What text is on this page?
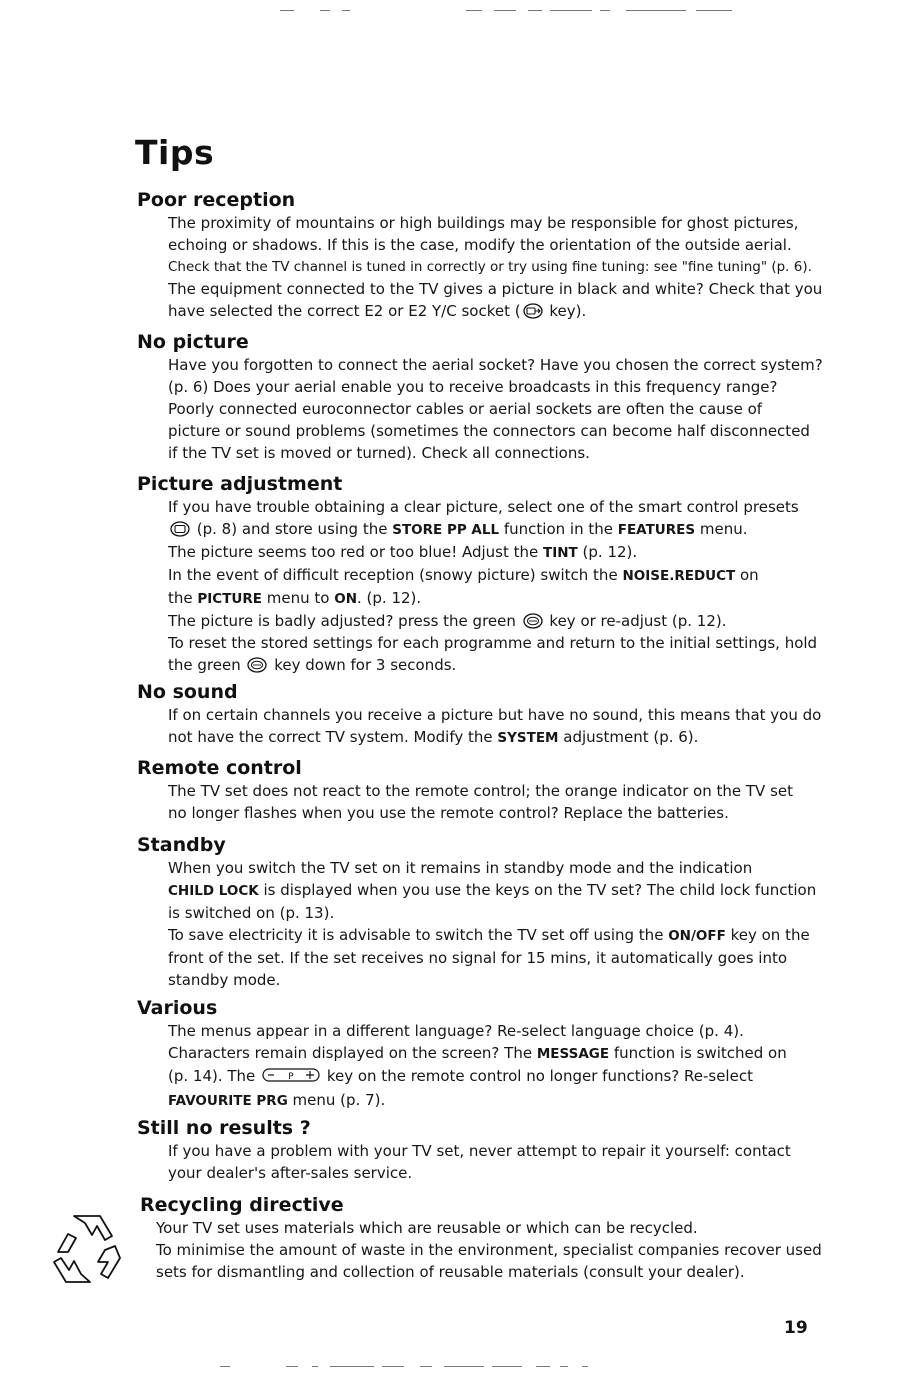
Tips
Poor reception

The proximity of mountains or high buildings may be responsible for ghost pictures,

echoing or shadows. If this is the case, modify the orientation of the outside aerial.

Check that the TV channel is tuned in correctly or try using fine tuning: see "fine tuning" (p. 6).

The equipment connected to the TV gives a picture in black and white? Check that you

have selected the correct E2 or E2 Y/C socket (
key).

No picture

Have you forgotten to connect the aerial socket? Have you chosen the correct system?

(p. 6) Does your aerial enable you to receive broadcasts in this frequency range?

Poorly connected euroconnector cables or aerial sockets are often the cause of

picture or sound problems (sometimes the connectors can become half disconnected

if the TV set is moved or turned). Check all connections.

Picture adjustment

If you have trouble obtaining a clear picture, select one of the smart control presets

(p. 8) and store using the STORE PP ALL function in the FEATURES menu.

The picture seems too red or too blue! Adjust the TINT (p. 12).

In the event of difficult reception (snowy picture) switch the NOISE.REDUCT on

the PICTURE menu to ON. (p. 12).

The picture is badly adjusted? press the green
key or re-adjust (p. 12).

To reset the stored settings for each programme and return to the initial settings, hold

the green
key down for 3 seconds.

No sound

If on certain channels you receive a picture but have no sound, this means that you do

not have the correct TV system. Modify the SYSTEM adjustment (p. 6).

Remote control

The TV set does not react to the remote control; the orange indicator on the TV set

no longer flashes when you use the remote control? Replace the batteries.

Standby

When you switch the TV set on it remains in standby mode and the indication

CHILD LOCK is displayed when you use the keys on the TV set? The child lock function

is switched on (p. 13).

To save electricity it is advisable to switch the TV set off using the ON/OFF key on the

front of the set. If the set receives no signal for 15 mins, it automatically goes into

standby mode.

Various

The menus appear in a different language? Re-select language choice (p. 4).

Characters remain displayed on the screen? The MESSAGE function is switched on

(p. 14). The	P key on the remote control no longer functions? Re-select

FAVOURITE PRG menu (p. 7).

Still no results ?

If you have a problem with your TV set, never attempt to repair it yourself: contact

your dealer's after-sales service.

Recycling directive

Your TV set uses materials which are reusable or which can be recycled.

To minimise the amount of waste in the environment, specialist companies recover used

sets for dismantling and collection of reusable materials (consult your dealer).

19
